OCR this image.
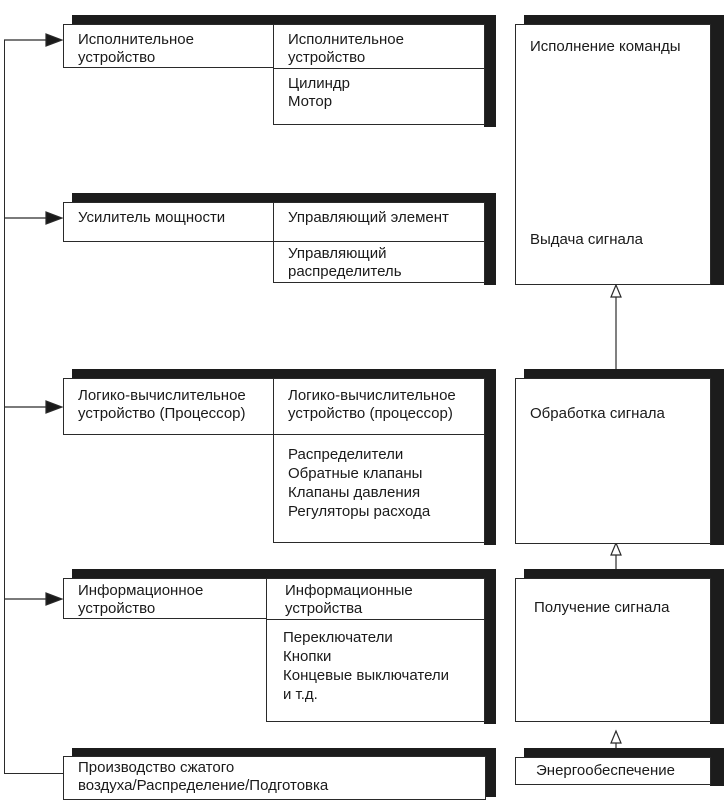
Исполнительное
устройство
Исполнительное
устройство
Цилиндр
Мотор
Усилитель мощности	Управляющий элемент
Управляющий
распределитель
Логико-вычислительное
устройство (Процессор)
Логико-вычислительное
устройство (процессор)
Распределители
Обратные клапаны
Клапаны давления
Регуляторы расхода
Информационное
устройство
Информационные
устройства
Переключатели
Кнопки
Концевые выключатели
и т.д.
Производство сжатого
воздуха/Распределение/Подготовка
Исполнение команды
Выдача сигнала
Обработка сигнала
Получение сигнала
Энергообеспечение
